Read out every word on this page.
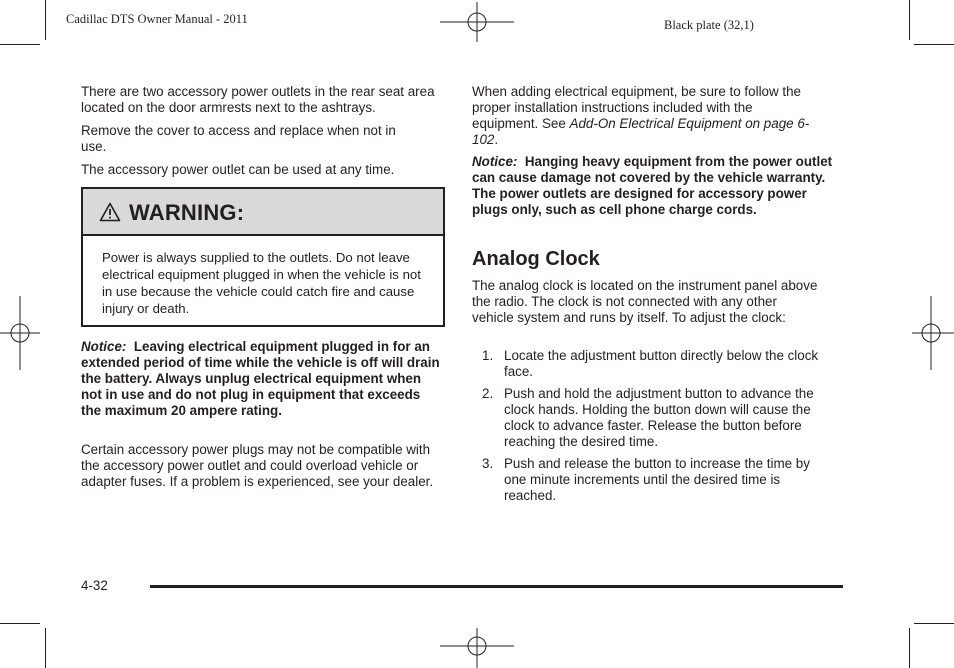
Cadillac DTS Owner Manual - 2011	Black plate (32,1)

There are two accessory power outlets in the rear seat area located on the door armrests next to the ashtrays.

Remove the cover to access and replace when not in use.

The accessory power outlet can be used at any time.

WARNING:
Power is always supplied to the outlets. Do not leave electrical equipment plugged in when the vehicle is not in use because the vehicle could catch fire and cause injury or death.
Notice: Leaving electrical equipment plugged in for an extended period of time while the vehicle is off will drain the battery. Always unplug electrical equipment when not in use and do not plug in equipment that exceeds the maximum 20 ampere rating.
Certain accessory power plugs may not be compatible with the accessory power outlet and could overload vehicle or adapter fuses. If a problem is experienced, see your dealer.
When adding electrical equipment, be sure to follow the proper installation instructions included with the equipment. See Add-On Electrical Equipment on page 6-102.
Notice: Hanging heavy equipment from the power outlet can cause damage not covered by the vehicle warranty. The power outlets are designed for accessory power plugs only, such as cell phone charge cords.
Analog Clock
The analog clock is located on the instrument panel above the radio. The clock is not connected with any other vehicle system and runs by itself. To adjust the clock:
1. Locate the adjustment button directly below the clock face.
2. Push and hold the adjustment button to advance the clock hands. Holding the button down will cause the clock to advance faster. Release the button before reaching the desired time.
3. Push and release the button to increase the time by one minute increments until the desired time is reached.
4-32
